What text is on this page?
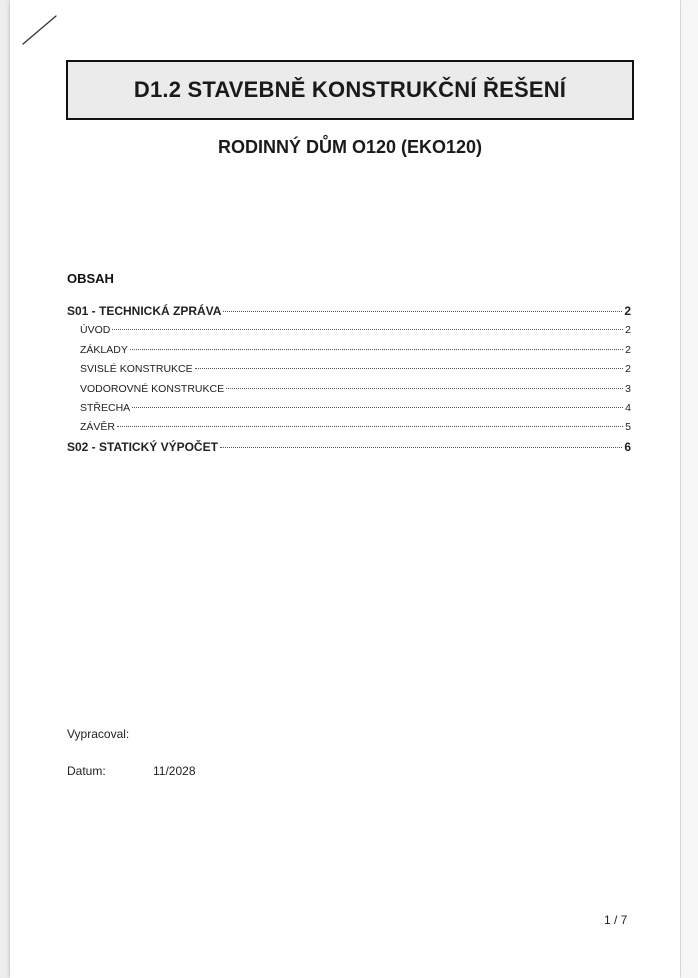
D1.2 STAVEBNĚ KONSTRUKČNÍ ŘEŠENÍ
RODINNÝ DŮM O120 (EKO120)
OBSAH
S01 - TECHNICKÁ ZPRÁVA	2
ÚVOD	2
ZÁKLADY	2
SVISLÉ KONSTRUKCE	2
VODOROVNÉ KONSTRUKCE	3
STŘECHA	4
ZÁVĚR	5
S02 - STATICKÝ VÝPOČET	6
Vypracoval:
Datum:	11/2028
1 / 7
